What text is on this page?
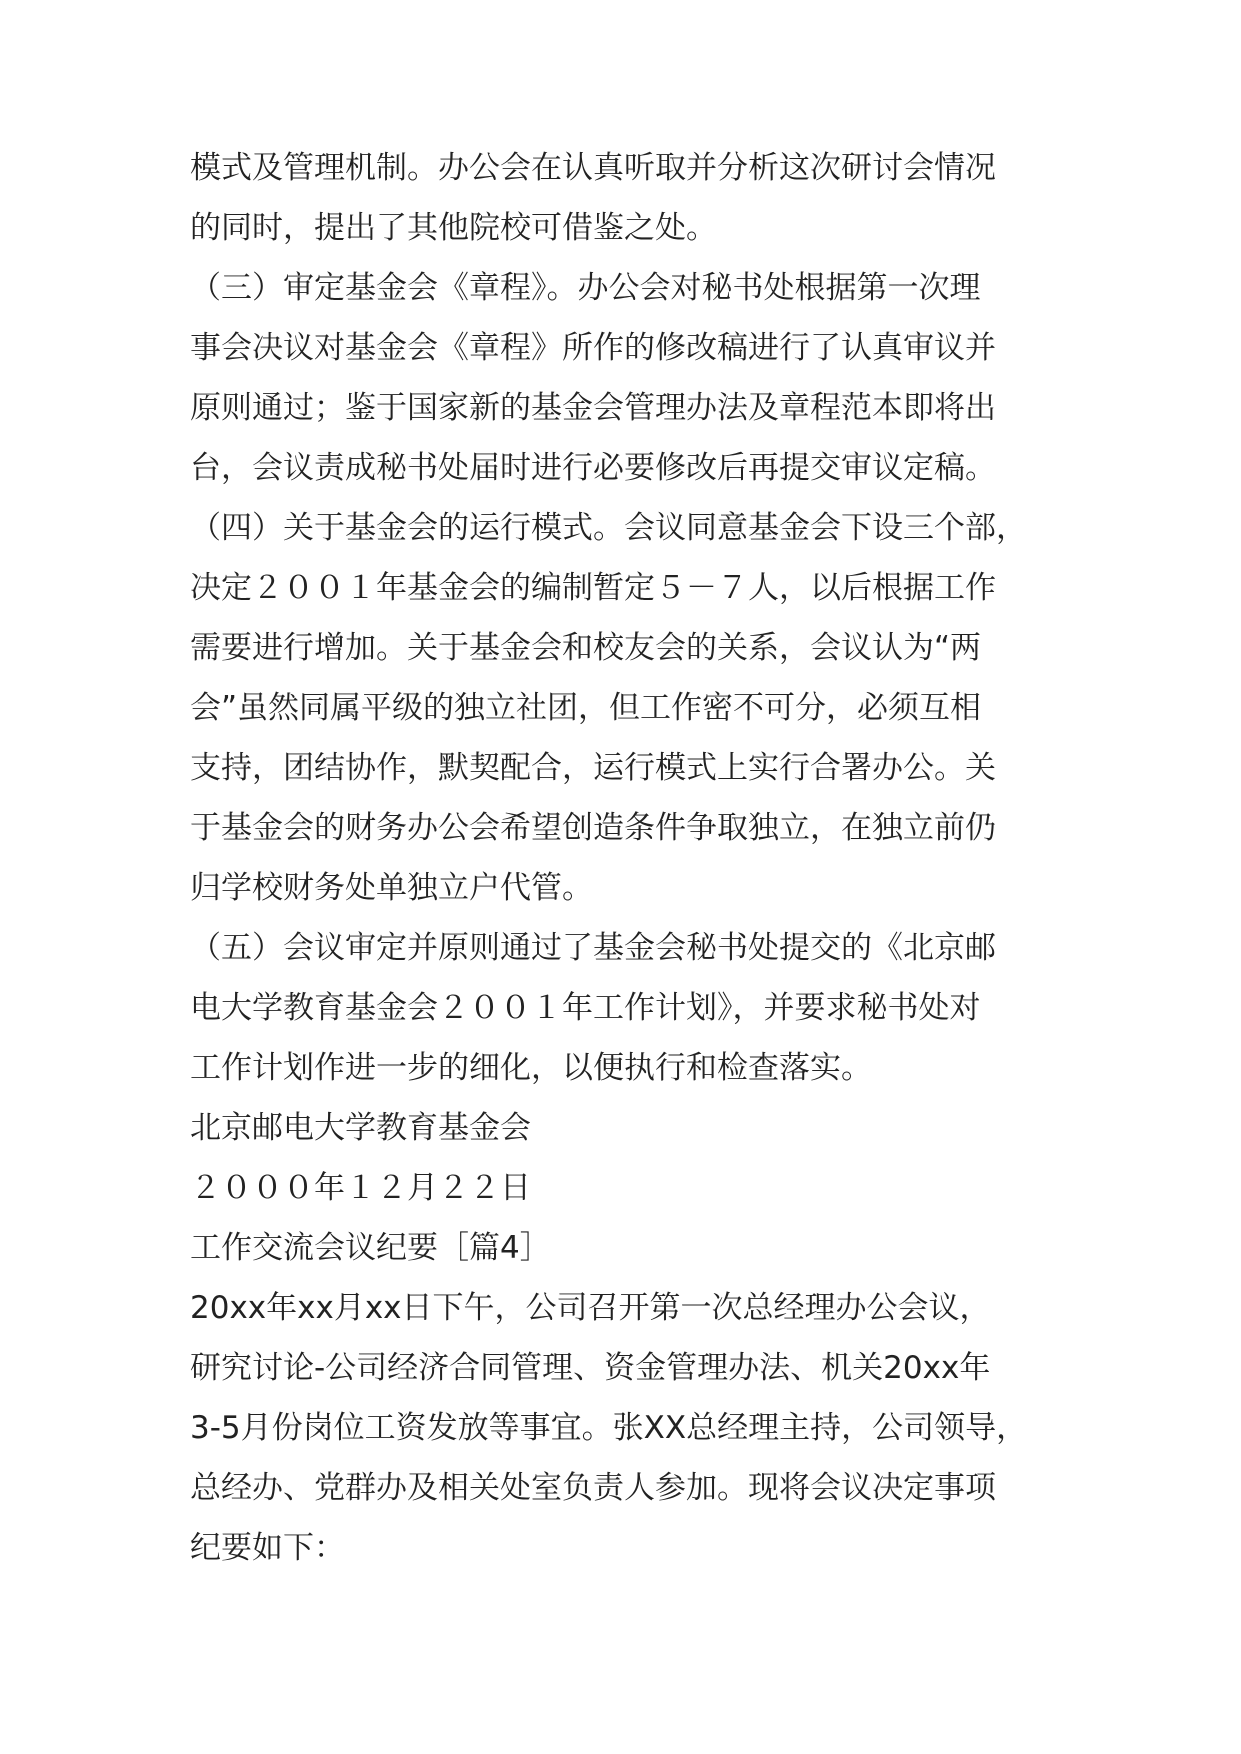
模式及管理机制。办公会在认真听取并分析这次研讨会情况

的同时，提出了其他院校可借鉴之处。

（三）审定基金会《章程》。办公会对秘书处根据第一次理

事会决议对基金会《章程》所作的修改稿进行了认真审议并

原则通过；鉴于国家新的基金会管理办法及章程范本即将出

台，会议责成秘书处届时进行必要修改后再提交审议定稿。

（四）关于基金会的运行模式。会议同意基金会下设三个部，

决定２００１年基金会的编制暂定５－７人，以后根据工作

需要进行增加。关于基金会和校友会的关系，会议认为“两

会”虽然同属平级的独立社团，但工作密不可分，必须互相

支持，团结协作，默契配合，运行模式上实行合署办公。关

于基金会的财务办公会希望创造条件争取独立，在独立前仍

归学校财务处单独立户代管。

（五）会议审定并原则通过了基金会秘书处提交的《北京邮

电大学教育基金会２００１年工作计划》，并要求秘书处对

工作计划作进一步的细化，以便执行和检查落实。

北京邮电大学教育基金会

２０００年１２月２２日

工作交流会议纪要［篇4］

20xx年xx月xx日下午，公司召开第一次总经理办公会议，

研究讨论-公司经济合同管理、资金管理办法、机关20xx年

3-5月份岗位工资发放等事宜。张XX总经理主持，公司领导，

总经办、党群办及相关处室负责人参加。现将会议决定事项

纪要如下：
